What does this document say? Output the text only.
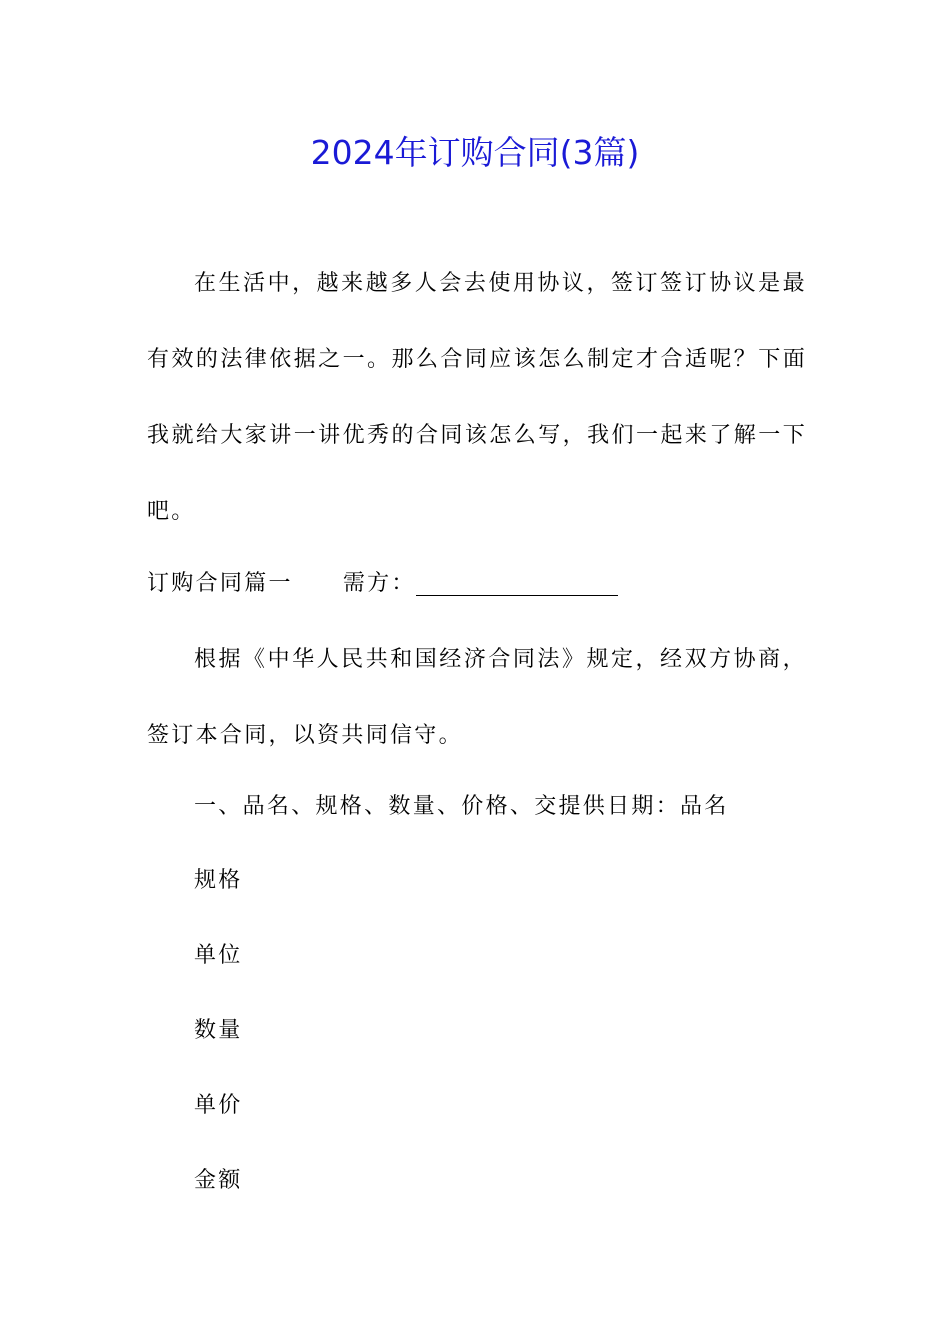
2024年订购合同(3篇)
在生活中，越来越多人会去使用协议，签订签订协议是最有效的法律依据之一。那么合同应该怎么制定才合适呢？下面我就给大家讲一讲优秀的合同该怎么写，我们一起来了解一下吧。
订购合同篇一 需方：
根据《中华人民共和国经济合同法》规定，经双方协商，签订本合同，以资共同信守。
一、品名、规格、数量、价格、交提供日期：品名
规格
单位
数量
单价
金额
